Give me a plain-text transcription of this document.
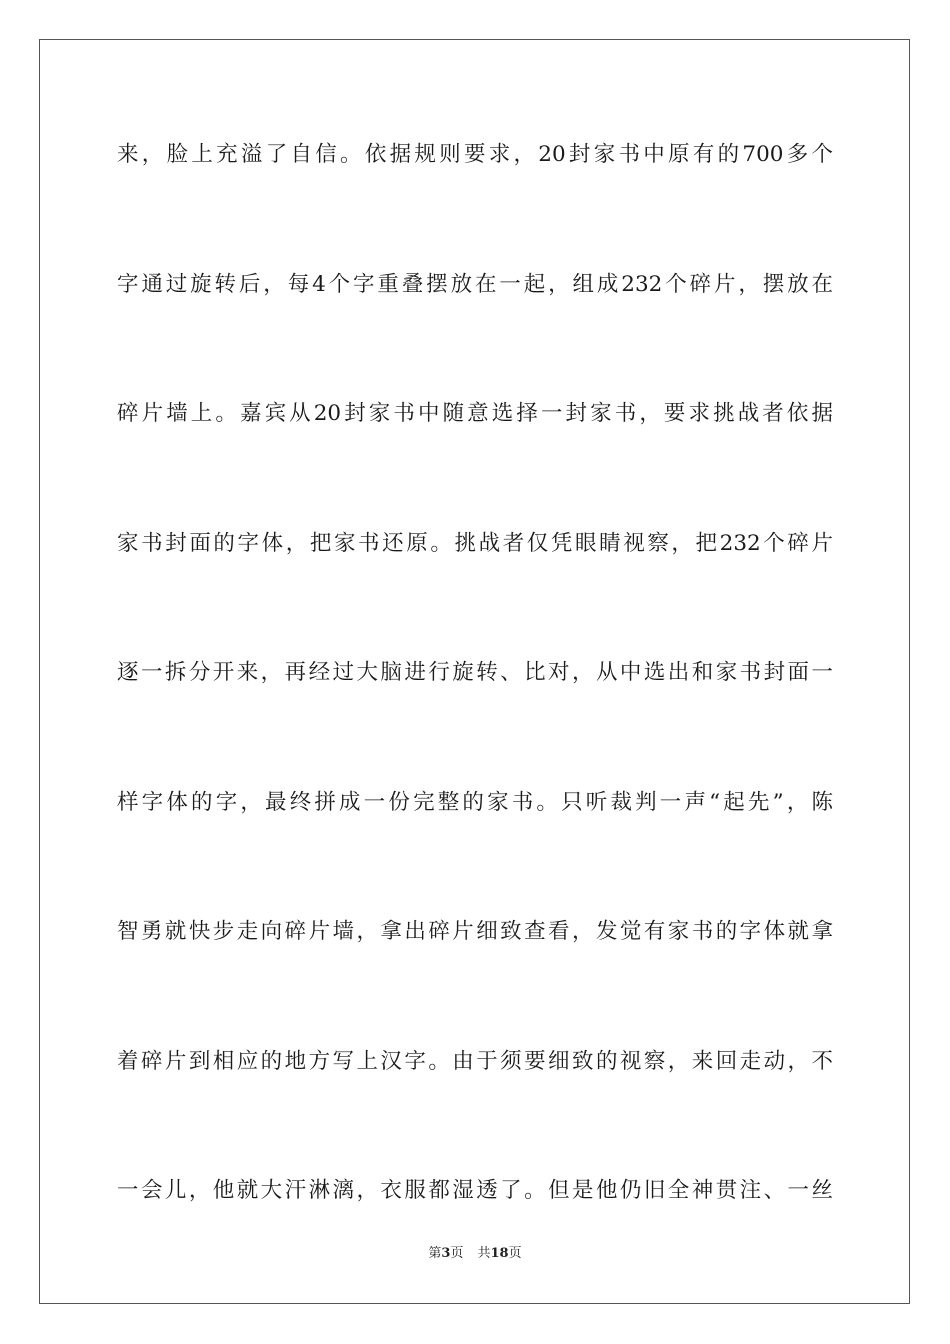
来，脸上充溢了自信。依据规则要求，20封家书中原有的700多个
字通过旋转后，每4个字重叠摆放在一起，组成232个碎片，摆放在
碎片墙上。嘉宾从20封家书中随意选择一封家书，要求挑战者依据
家书封面的字体，把家书还原。挑战者仅凭眼睛视察，把232个碎片
逐一拆分开来，再经过大脑进行旋转、比对，从中选出和家书封面一
样字体的字，最终拼成一份完整的家书。只听裁判一声“起先”，陈
智勇就快步走向碎片墙，拿出碎片细致查看，发觉有家书的字体就拿
着碎片到相应的地方写上汉字。由于须要细致的视察，来回走动，不
一会儿，他就大汗淋漓，衣服都湿透了。但是他仍旧全神贯注、一丝
第3页 共18页
